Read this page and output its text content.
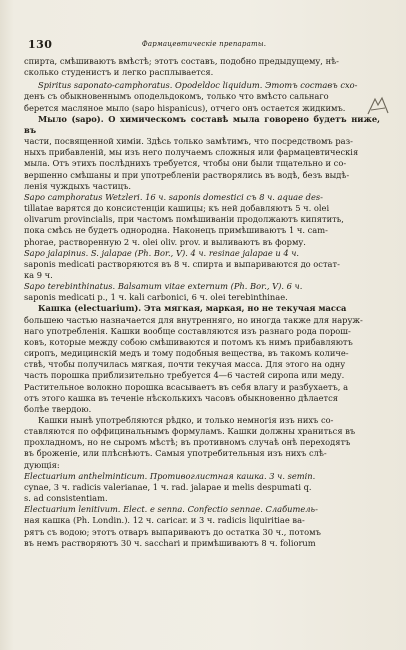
130	Фармацевтическiе препараты.

спирта, смѣшиваютъ вмѣстѣ; этотъ составъ, подобно предыдущему, нѣ-

сколько студенистъ и легко расплывается.

Spiritus saponato-camphoratus. Opodeldoc liquidum. Этотъ составъ схо-

денъ съ обыкновеннымъ оподельдокомъ, только что вмѣсто сальнаго

берется масляное мыло (sapo hispanicus), отчего онъ остается жидкимъ.

Мыло (sapo). О химическомъ составѣ мыла говорено будетъ ниже, въ

части, посвященной химiи. Здѣсь только замѣтимъ, что посредствомъ раз-

ныхъ прибавленiй, мы изъ него получаемъ сложныя или фармацевтическiя

мыла. Отъ этихъ послѣднихъ требуется, чтобы они были тщательно и со-

вершенно смѣшаны и при употребленiи растворялись въ водѣ, безъ выдѣ-

ленiя чуждыхъ частицъ.

Sapo camphoratus Wetzleri. 16 ч. saponis domestici съ 8 ч. aquae des-

tillatae варятся до консистенцiи кашицы; къ ней добавляютъ 5 ч. olei

olivarum provincialis, при частомъ помѣшиванiи продолжаютъ кипятить,

пока смѣсь не будетъ однородна. Наконецъ примѣшиваютъ 1 ч. cam-

phorae, растворенную 2 ч. olei oliv. prov. и выливаютъ въ форму.

Sapo jalapinus. S. jalapae (Ph. Bor., V). 4 ч. resinae jalapae и 4 ч.

saponis medicati растворяются въ 8 ч. спирта и выпариваются до остат-

ка 9 ч.

Sapo terebinthinatus. Balsamum vitae externum (Ph. Bor., V). 6 ч.

saponis medicati р., 1 ч. kali carbonici, 6 ч. olei terebinthinae.

Кашка (electuarium). Эта мягкая, маркая, но не текучая масса

большею частью назначается для внутренняго, но иногда также для наруж-

наго употребленiя. Кашки вообще составляются изъ разнаго рода порош-

ковъ, которые между собою смѣшиваются и потомъ къ нимъ прибавляютъ

сиропъ, медицинскiй медъ и тому подобныя вещества, въ такомъ количе-

ствѣ, чтобы получилась мягкая, почти текучая масса. Для этого на одну

часть порошка приблизительно требуется 4—6 частей сиропа или меду.

Растительное волокно порошка всасываетъ въ себя влагу и разбухаетъ, а

отъ этого кашка въ теченiе нѣсколькихъ часовъ обыкновенно дѣлается

болѣе твердою.

Кашки нынѣ употребляются рѣдко, и только немногiя изъ нихъ со-

ставляются по оффицинальнымъ формуламъ. Кашки должны храниться въ

прохладномъ, но не сыромъ мѣстѣ; въ противномъ случаѣ онѣ переходятъ

въ броженiе, или плѣснѣютъ. Самыя употребительныя изъ нихъ слѣ-

дующiя:

Electuarium anthelminticum. Противоглистная кашка. 3 ч. semin.

cynae, 3 ч. radicis valerianae, 1 ч. rad. jalapae и melis despumati q.

s. ad consistentiam.

Electuarium lenitivum. Elect. e senna. Confectio sennae. Слабитель-

ная кашка (Ph. Londin.). 12 ч. caricar. и 3 ч. radicis liquiritiae ва-

рятъ съ водою; этотъ отваръ выпариваютъ до остатка 30 ч., потомъ

въ немъ растворяютъ 30 ч. sacchari и примѣшиваютъ 8 ч. foliorum
